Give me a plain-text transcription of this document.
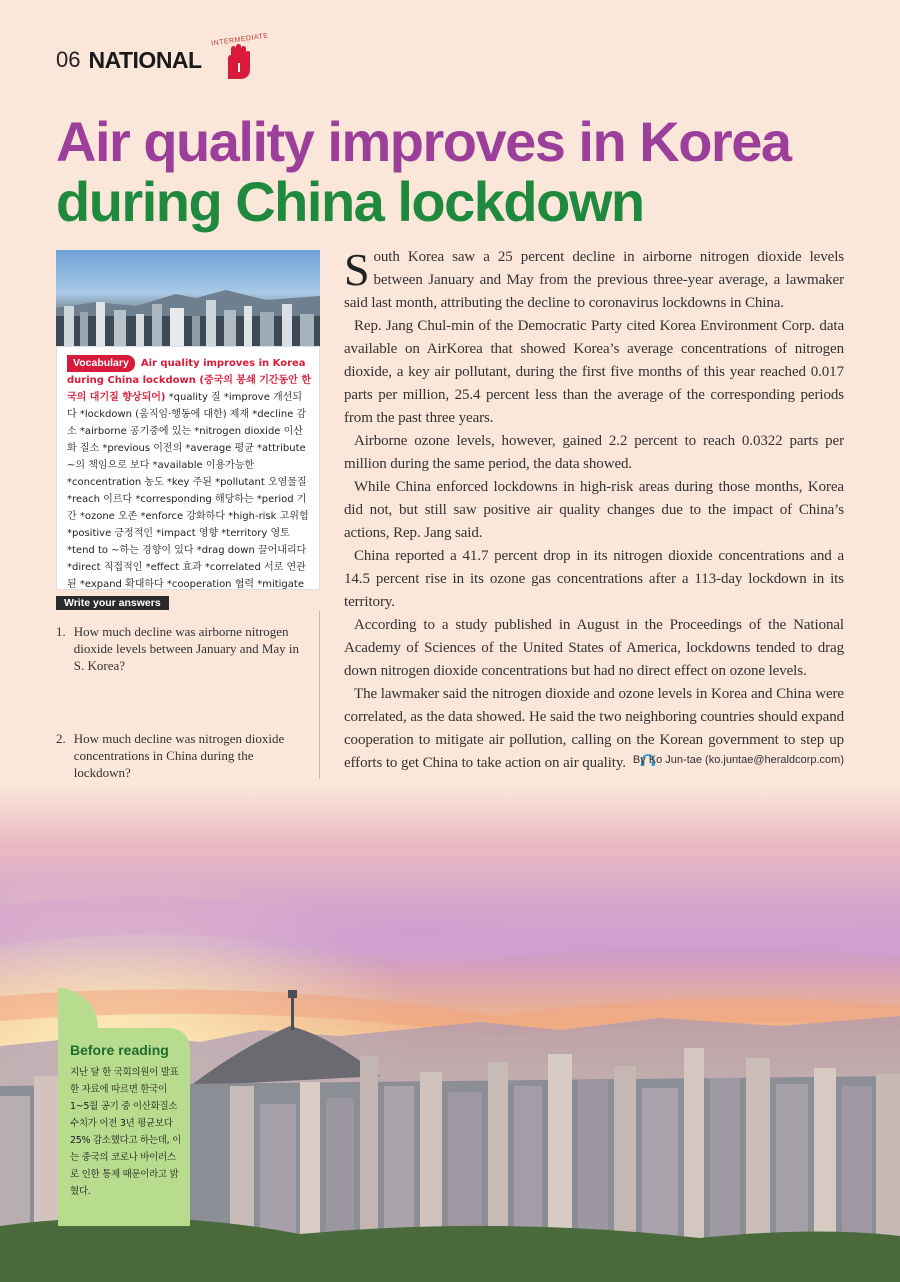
06 NATIONAL	I
INTERMEDIATE
Air quality improves in Korea
during China lockdown
Vocabulary Air quality improves in Korea during China lockdown (중국의 봉쇄 기간동안 한국의 대기질 향상되어) *quality 질 *improve 개선되다 *lockdown (움직임·행동에 대한) 제재 *decline 감소 *airborne 공기중에 있는 *nitrogen dioxide 이산화 질소 *previous 이전의 *average 평균 *attribute ~의 책임으로 보다 *available 이용가능한 *concentration 농도 *key 주된 *pollutant 오염물질 *reach 이르다 *corresponding 해당하는 *period 기간 *ozone 오존 *enforce 강화하다 *high-risk 고위험 *positive 긍정적인 *impact 영향 *territory 영토 *tend to ~하는 경향이 있다 *drag down 끌어내리다 *direct 직접적인 *effect 효과 *correlated 서로 연관된 *expand 확대하다 *cooperation 협력 *mitigate
Write your answers
1. How much decline was airborne nitrogen dioxide levels between January and May in S. Korea?
2. How much decline was nitrogen dioxide concentrations in China during the lockdown?

South Korea saw a 25 percent decline in airborne nitrogen dioxide levels between January and May from the previous three-year average, a lawmaker said last month, attributing the decline to coronavirus lockdowns in China.

Rep. Jang Chul-min of the Democratic Party cited Korea Environment Corp. data available on AirKorea that showed Korea’s average concentrations of nitrogen dioxide, a key air pollutant, during the first five months of this year reached 0.017 parts per million, 25.4 percent less than the average of the corresponding periods from the past three years.

Airborne ozone levels, however, gained 2.2 percent to reach 0.0322 parts per million during the same period, the data showed.

While China enforced lockdowns in high-risk areas during those months, Korea did not, but still saw positive air quality changes due to the impact of China’s actions, Rep. Jang said.

China reported a 41.7 percent drop in its nitrogen dioxide concentrations and a 14.5 percent rise in its ozone gas concentrations after a 113-day lockdown in its territory.

According to a study published in August in the Proceedings of the National Academy of Sciences of the United States of America, lockdowns tended to drag down nitrogen dioxide concentrations but had no direct effect on ozone levels.

The lawmaker said the nitrogen dioxide and ozone levels in Korea and China were correlated, as the data showed. He said the two neighboring countries should expand cooperation to mitigate air pollution, calling on the Korean government to step up efforts to get China to take action on air quality. By Ko Jun-tae (ko.juntae@heraldcorp.com)
Before reading
지난 달 한 국회의원이 발표한 자료에 따르면 한국이 1~5월 공기 중 이산화질소 수치가 이전 3년 평균보다 25% 감소했다고 하는데, 이는 중국의 코로나 바이러스로 인한 통제 때문이라고 밝혔다.
